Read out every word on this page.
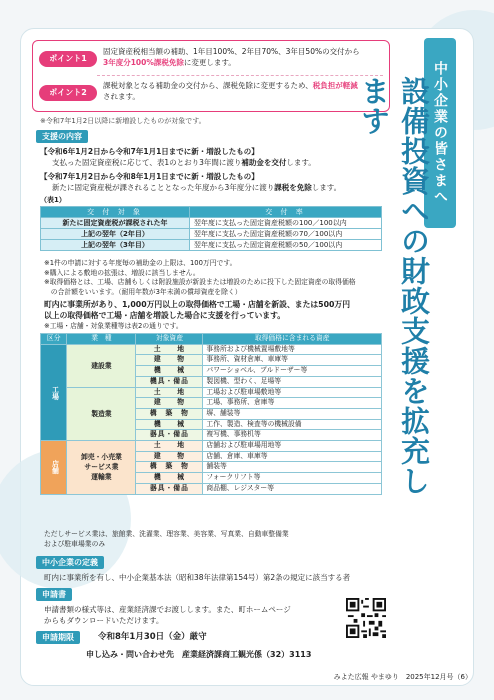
ポイント1
固定資産税相当額の補助、1年目100%、2年目70%、3年目50%の交付から
3年度分100%課税免除に変更します。
ポイント2
課税対象となる補助金の交付から、課税免除に変更するため、税負担が軽減
されます。
※令和7年1月2日以降に新増設したものが対象です。	中小企業の皆さまへ
設備投資への財政支援を拡充します
支援の内容
【令和6年1月2日から令和7年1月1日までに新・増設したもの】
支払った固定資産税に応じて、表1のとおり3年間に渡り補助金を交付します。
【令和7年1月2日から令和8年1月1日までに新・増設したもの】
新たに固定資産税が課されることとなった年度から3年度分に渡り課税を免除します。
（表1）
交 付 対 象	交 付 率
新たに固定資産税が課税された年	翌年度に支払った固定資産税額の100／100以内
上記の翌年（2年目）	翌年度に支払った固定資産税額の70／100以内
上記の翌年（3年目）	翌年度に支払った固定資産税額の50／100以内
※1件の申請に対する年度毎の補助金の上限は、100万円です。
※購入による敷地の拡張は、増設に該当しません。
※取得価格とは、工場、店舗もしくは附設施設が新設または増設のために投下した固定資産の取得価格
　の合計額をいいます。（耐用年数が3年未満の償却資産を除く）
町内に事業所があり、1,000万円以上の取得価格で工場・店舗を新設、または500万円
以上の取得価格で工場・店舗を増設した場合に支援を行っています。
区分	業　種	対象資産	取得価格に含まれる資産
工場	建設業	土　　地	事務所および機械置場敷地等
		建　　物	事務所、資材倉庫、車庫等
		機　　械	パワーショベル、ブルドーザー等
		機具・備品	製図機、型わく、足場等
	製造業	土　　地	工場および駐車場敷地等
		建　　物	工場、事務所、倉庫等
		構　築　物	塀、舗装等
		機　　械	工作、製造、検査等の機械設備
		器具・備品	複写機、事務机等
店舗	卸売・小売業
サービス業
運輸業	土　　地	店舗および駐車場用地等
		建　　物	店舗、倉庫、車庫等
		構　築　物	舗装等
		機　　械	フォークリフト等
		器具・備品	商品棚、レジスター等
ただしサービス業は、旅館業、洗濯業、理容業、美容業、写真業、自動車整備業
および駐車場業のみ
中小企業の定義
町内に事業所を有し、中小企業基本法（昭和38年法律第154号）第2条の規定に該当する者
申請書
申請書類の様式等は、産業経済課でお渡しします。また、町ホームページ
からもダウンロードいただけます。
申請期限	令和8年1月30日（金）厳守
申し込み・問い合わせ先　産業経済課商工観光係（32）3113
みよた広報 やまゆり　2025年12月号（6）
※工場・店舗・対象業種等は表2の通りです。
